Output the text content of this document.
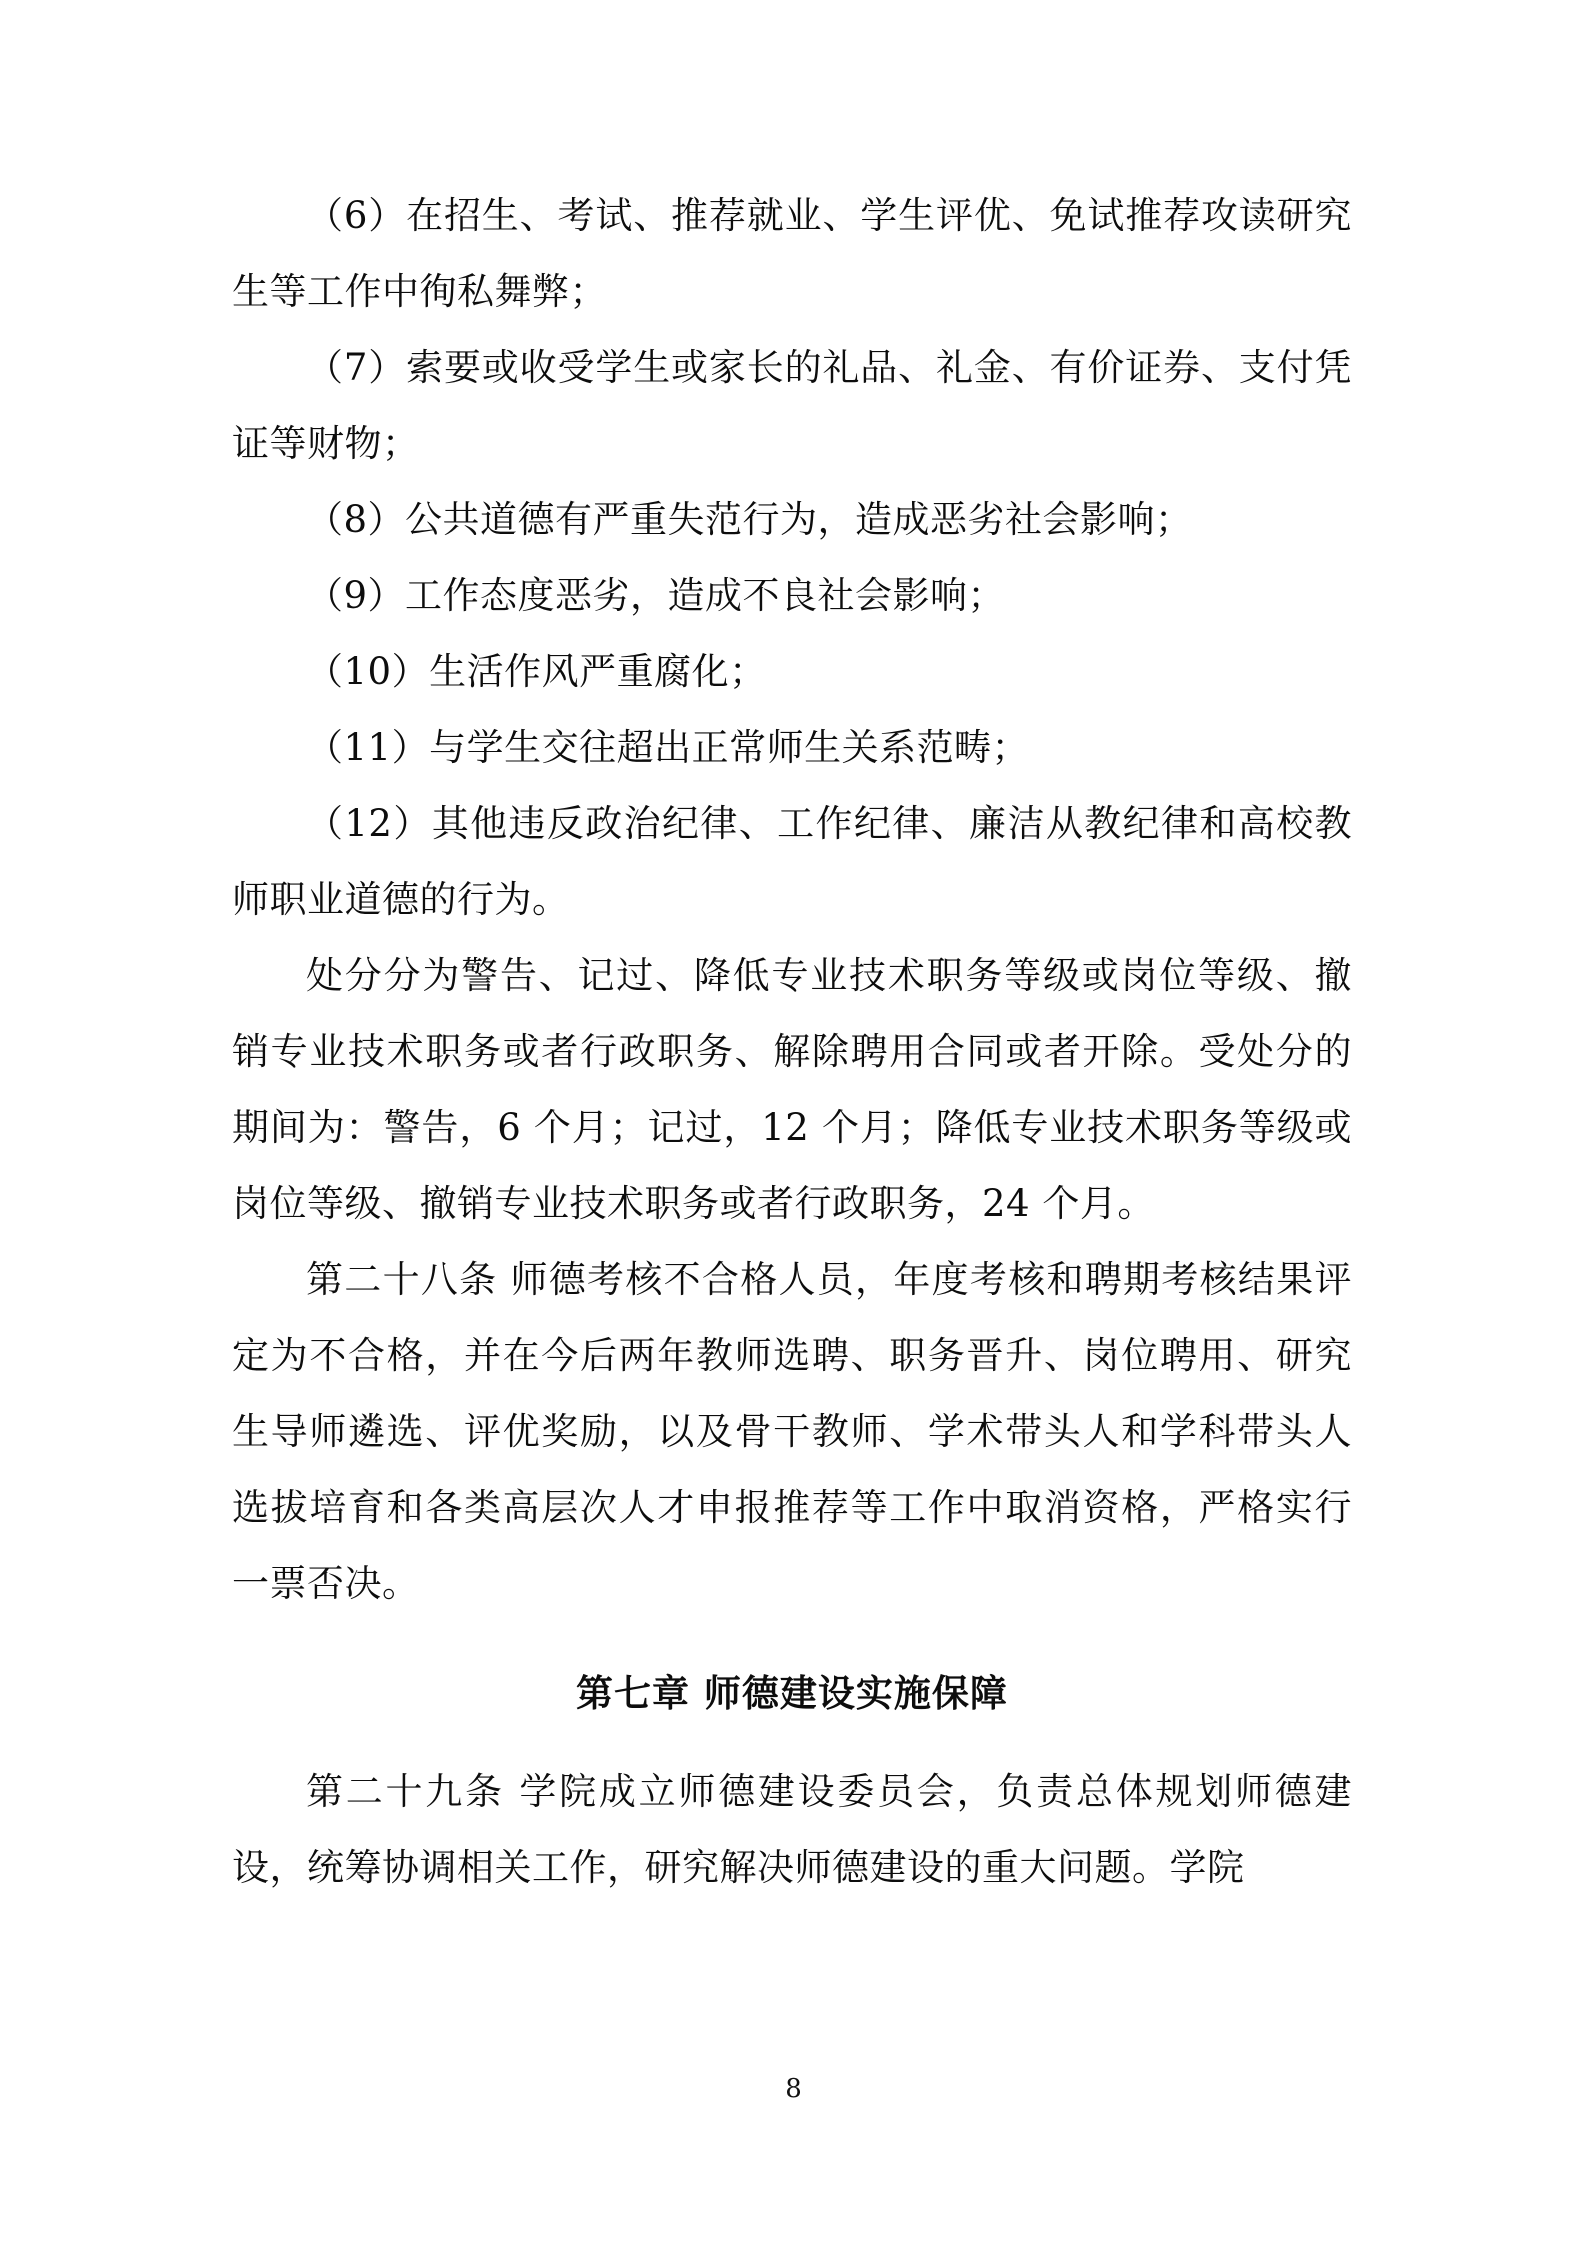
（6）在招生、考试、推荐就业、学生评优、免试推荐攻读研究生等工作中徇私舞弊；

（7）索要或收受学生或家长的礼品、礼金、有价证券、支付凭证等财物；

（8）公共道德有严重失范行为，造成恶劣社会影响；

（9）工作态度恶劣，造成不良社会影响；

（10）生活作风严重腐化；

（11）与学生交往超出正常师生关系范畴；

（12）其他违反政治纪律、工作纪律、廉洁从教纪律和高校教师职业道德的行为。

处分分为警告、记过、降低专业技术职务等级或岗位等级、撤销专业技术职务或者行政职务、解除聘用合同或者开除。受处分的期间为：警告，6 个月；记过，12 个月；降低专业技术职务等级或岗位等级、撤销专业技术职务或者行政职务，24 个月。

第二十八条 师德考核不合格人员，年度考核和聘期考核结果评定为不合格，并在今后两年教师选聘、职务晋升、岗位聘用、研究生导师遴选、评优奖励，以及骨干教师、学术带头人和学科带头人选拔培育和各类高层次人才申报推荐等工作中取消资格，严格实行一票否决。

第七章 师德建设实施保障

第二十九条 学院成立师德建设委员会，负责总体规划师德建设，统筹协调相关工作，研究解决师德建设的重大问题。学院

8
